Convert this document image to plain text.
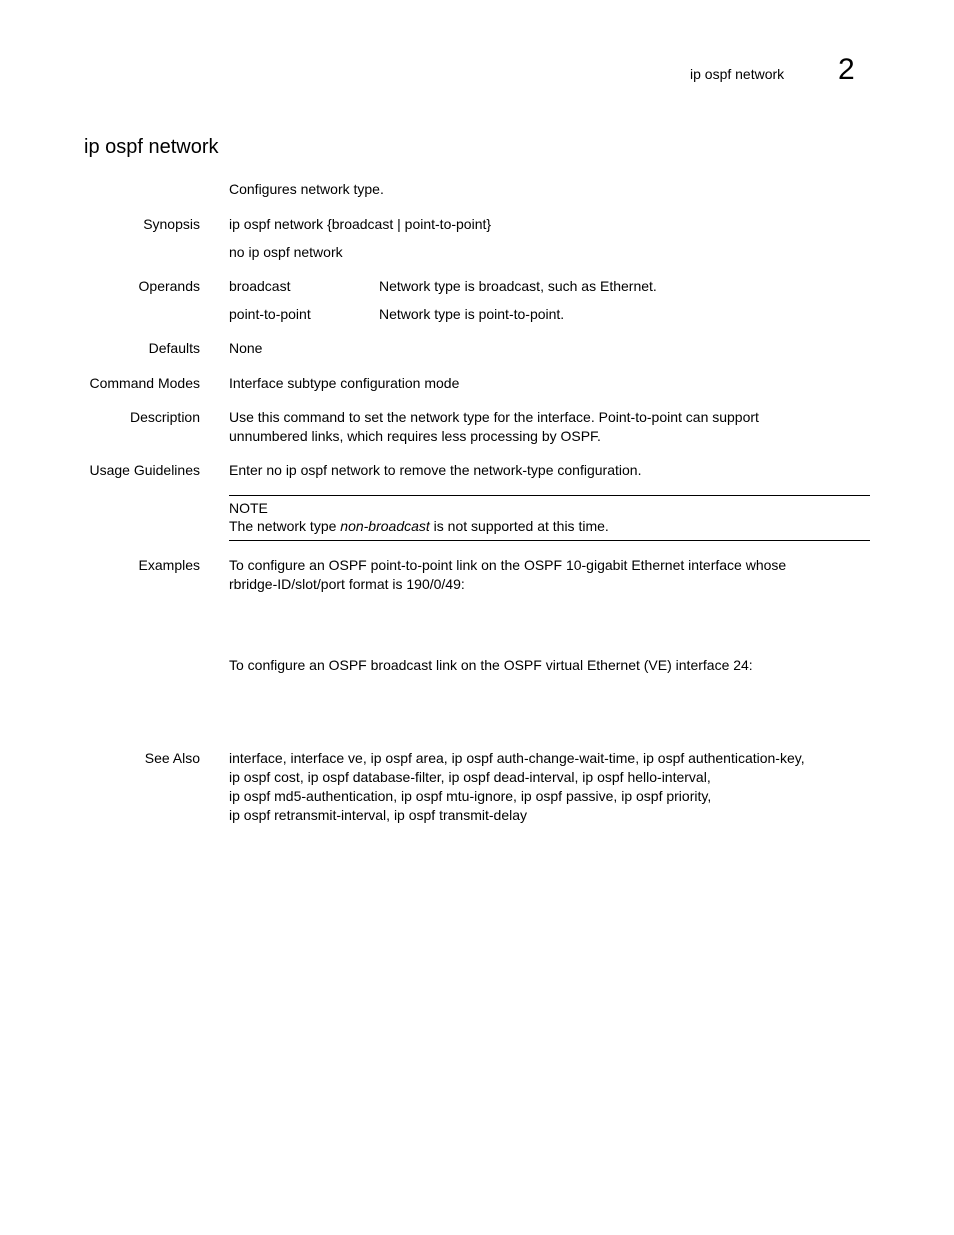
ip ospf network 2
ip ospf network
Configures network type.
Synopsis ip ospf network {broadcast | point-to-point}
no ip ospf network
Operands broadcast	Network type is broadcast, such as Ethernet.
point-to-point	Network type is point-to-point.
Defaults None
Command Modes Interface subtype configuration mode
Description Use this command to set the network type for the interface. Point-to-point can support
unnumbered links, which requires less processing by OSPF.
Usage Guidelines Enter no ip ospf network to remove the network-type configuration.
NOTE
The network type non-broadcast is not supported at this time.
Examples To configure an OSPF point-to-point link on the OSPF 10-gigabit Ethernet interface whose
rbridge-ID/slot/port format is 190/0/49:
To configure an OSPF broadcast link on the OSPF virtual Ethernet (VE) interface 24:
See Also interface, interface ve, ip ospf area, ip ospf auth-change-wait-time, ip ospf authentication-key,
ip ospf cost, ip ospf database-filter, ip ospf dead-interval, ip ospf hello-interval,
ip ospf md5-authentication, ip ospf mtu-ignore, ip ospf passive, ip ospf priority,
ip ospf retransmit-interval, ip ospf transmit-delay
